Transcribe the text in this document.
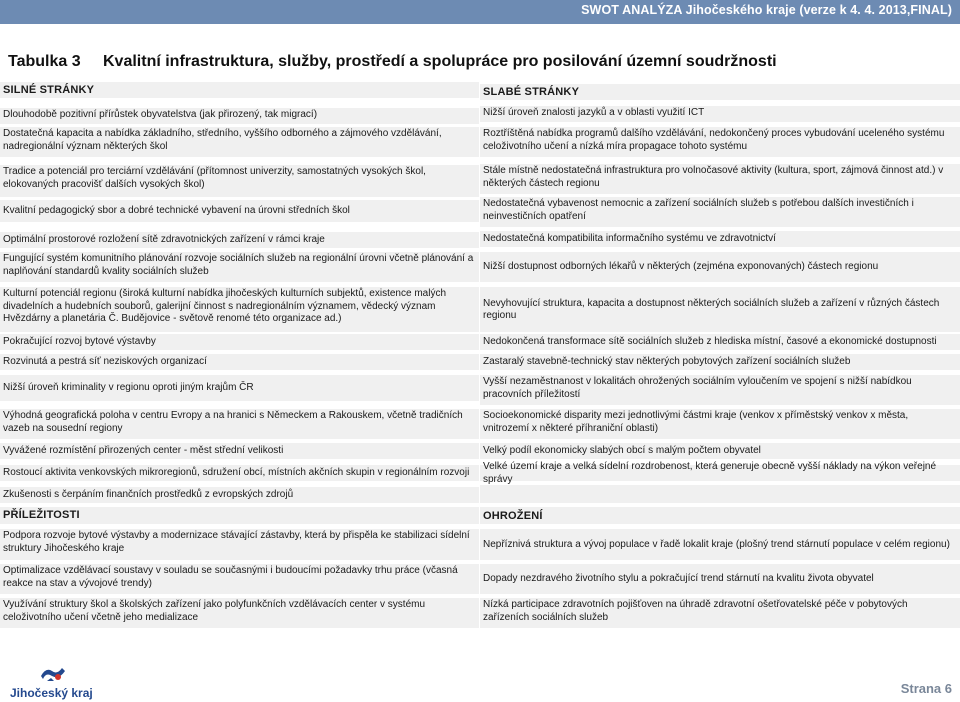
SWOT ANALÝZA Jihočeského kraje (verze k 4. 4. 2013,FINAL)
Tabulka 3 Kvalitní infrastruktura, služby, prostředí a spolupráce pro posilování územní soudržnosti
SILNÉ STRÁNKY
Dlouhodobě pozitivní přírůstek obyvatelstva (jak přirozený, tak migrací)
Dostatečná kapacita a nabídka základního, středního, vyššího odborného a zájmového vzdělávání, nadregionální význam některých škol
Tradice a potenciál pro terciární vzdělávání (přítomnost univerzity, samostatných vysokých škol, elokovaných pracovišť dalších vysokých škol)
Kvalitní pedagogický sbor a dobré technické vybavení na úrovni středních škol
Optimální prostorové rozložení sítě zdravotnických zařízení v rámci kraje
Fungující systém komunitního plánování rozvoje sociálních služeb na regionální úrovni včetně plánování a naplňování standardů kvality sociálních služeb
Kulturní potenciál regionu (široká kulturní nabídka jihočeských kulturních subjektů, existence malých divadelních a hudebních souborů, galerijní činnost s nadregionálním významem, vědecký význam Hvězdárny a planetária Č. Budějovice - světově renomé této organizace ad.)
Pokračující rozvoj bytové výstavby
Rozvinutá a pestrá síť neziskových organizací
Nižší úroveň kriminality v regionu oproti jiným krajům ČR
Výhodná geografická poloha v centru Evropy a na hranici s Německem a Rakouskem, včetně tradičních vazeb na sousední regiony
Vyvážené rozmístění přirozených center - měst střední velikosti
Rostoucí aktivita venkovských mikroregionů, sdružení obcí, místních akčních skupin v regionálním rozvoji
Zkušenosti s čerpáním finančních prostředků z evropských zdrojů
PŘÍLEŽITOSTI
Podpora rozvoje bytové výstavby a modernizace stávající zástavby, která by přispěla ke stabilizaci sídelní struktury Jihočeského kraje
Optimalizace vzdělávací soustavy v souladu se současnými i budoucími požadavky trhu práce (včasná reakce na stav a vývojové trendy)
Využívání struktury škol a školských zařízení jako polyfunkčních vzdělávacích center v systému celoživotního učení včetně jeho medializace
SLABÉ STRÁNKY
Nižší úroveň znalosti jazyků a v oblasti využití ICT
Roztříštěná nabídka programů dalšího vzdělávání, nedokončený proces vybudování uceleného systému celoživotního učení a nízká míra propagace tohoto systému
Stále místně nedostatečná infrastruktura pro volnočasové aktivity (kultura, sport, zájmová činnost atd.) v některých částech regionu
Nedostatečná vybavenost nemocnic a zařízení sociálních služeb s potřebou dalších investičních i neinvestičních opatření
Nedostatečná kompatibilita informačního systému ve zdravotnictví
Nižší dostupnost odborných lékařů v některých (zejména exponovaných) částech regionu
Nevyhovující struktura, kapacita a dostupnost některých sociálních služeb a zařízení v různých částech regionu
Nedokončená transformace sítě sociálních služeb z hlediska místní, časové a ekonomické dostupnosti
Zastaralý stavebně-technický stav některých pobytových zařízení sociálních služeb
Vyšší nezaměstnanost v lokalitách ohrožených sociálním vyloučením ve spojení s nižší nabídkou pracovních příležitostí
Socioekonomické disparity mezi jednotlivými částmi kraje (venkov x příměstský venkov x města, vnitrozemí x některé příhraniční oblasti)
Velký podíl ekonomicky slabých obcí s malým počtem obyvatel
Velké území kraje a velká sídelní rozdrobenost, která generuje obecně vyšší náklady na výkon veřejné správy
OHROŽENÍ
Nepříznivá struktura a vývoj populace v řadě lokalit kraje (plošný trend stárnutí populace v celém regionu)
Dopady nezdravého životního stylu a pokračující trend stárnutí na kvalitu života obyvatel
Nízká participace zdravotních pojišťoven na úhradě zdravotní ošetřovatelské péče v pobytových zařízeních sociálních služeb
Jihočeský kraj	Strana 6
